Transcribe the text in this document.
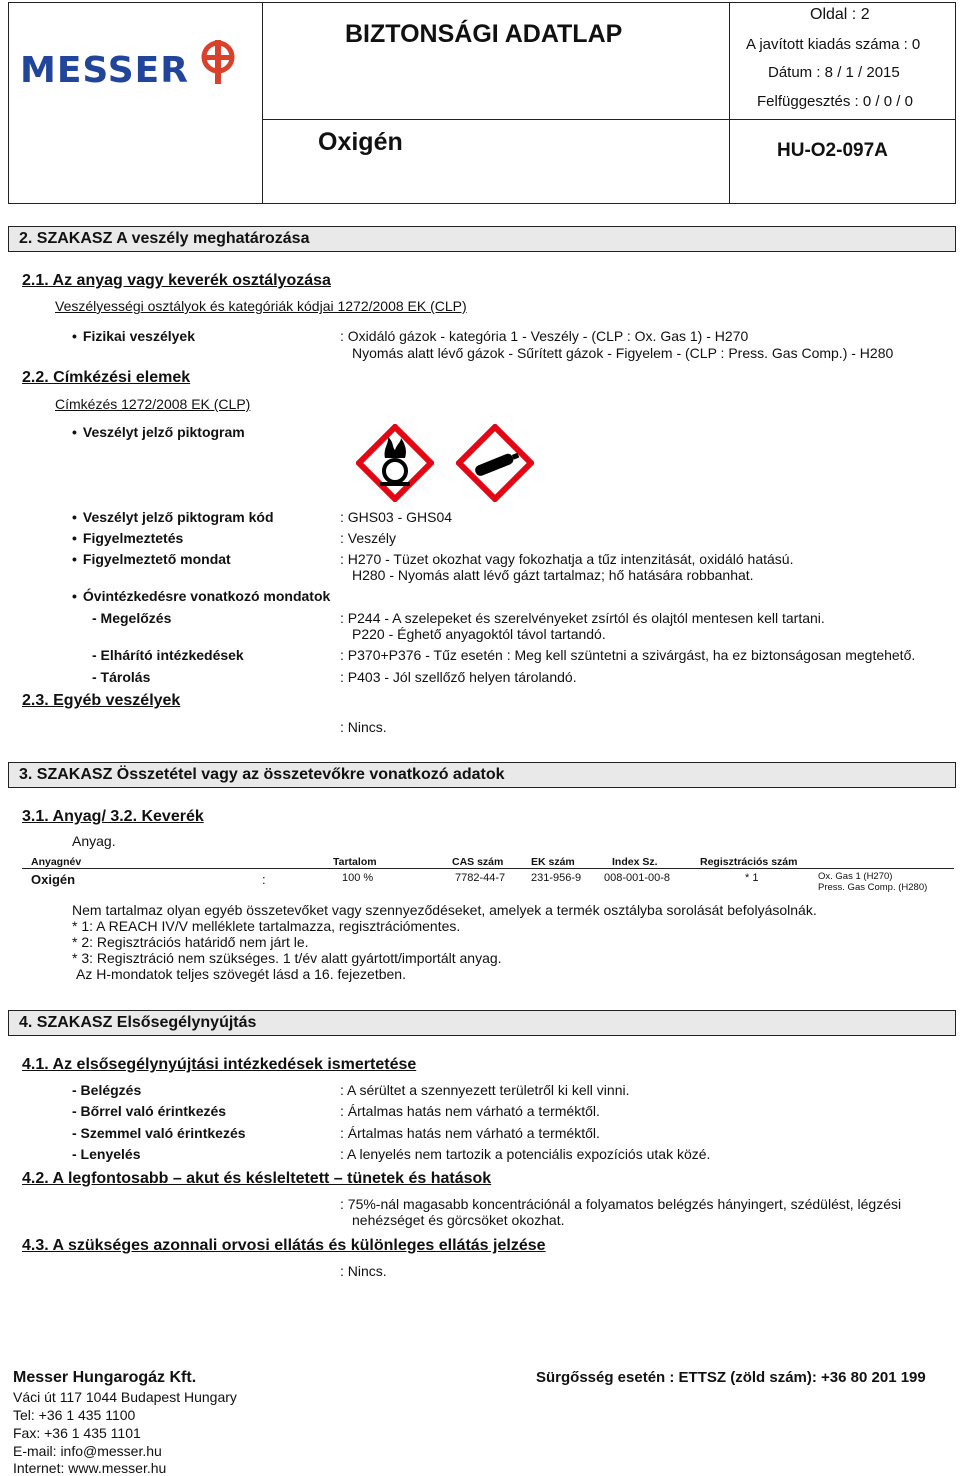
MESSER
BIZTONSÁGI ADATLAP
Oxigén
Oldal : 2
A javított kiadás száma : 0
Dátum : 8 / 1 / 2015
Felfüggesztés : 0 / 0 / 0
HU-O2-097A
2. SZAKASZ A veszély meghatározása
2.1. Az anyag vagy keverék osztályozása
Veszélyességi osztályok és kategóriák kódjai 1272/2008 EK (CLP)
• Fizikai veszélyek	: Oxidáló gázok - kategória 1 - Veszély - (CLP : Ox. Gas 1) - H270
Nyomás alatt lévő gázok - Sűrített gázok - Figyelem - (CLP : Press. Gas Comp.) - H280
2.2. Címkézési elemek
Címkézés 1272/2008 EK (CLP)
• Veszélyt jelző piktogram
• Veszélyt jelző piktogram kód	: GHS03 - GHS04
• Figyelmeztetés	: Veszély
• Figyelmeztető mondat	: H270 - Tüzet okozhat vagy fokozhatja a tűz intenzitását, oxidáló hatású.
H280 - Nyomás alatt lévő gázt tartalmaz; hő hatására robbanhat.
• Óvintézkedésre vonatkozó mondatok
- Megelőzés	: P244 - A szelepeket és szerelvényeket zsírtól és olajtól mentesen kell tartani.
P220 - Éghető anyagoktól távol tartandó.
- Elhárító intézkedések	: P370+P376 - Tűz esetén : Meg kell szüntetni a szivárgást, ha ez biztonságosan megtehető.
- Tárolás	: P403 - Jól szellőző helyen tárolandó.
2.3. Egyéb veszélyek
: Nincs.
3. SZAKASZ Összetétel vagy az összetevőkre vonatkozó adatok
3.1. Anyag/ 3.2. Keverék
Anyag.
Anyagnév	Tartalom	CAS szám	EK szám	Index Sz.	Regisztrációs szám
Oxigén	:	100 %	7782-44-7 231-956-9 008-001-00-8	* 1	Ox. Gas 1 (H270)
Press. Gas Comp. (H280)
Nem tartalmaz olyan egyéb összetevőket vagy szennyeződéseket, amelyek a termék osztályba sorolását befolyásolnák.
* 1: A REACH IV/V melléklete tartalmazza, regisztrációmentes.
* 2: Regisztrációs határidő nem járt le.
* 3: Regisztráció nem szükséges. 1 t/év alatt gyártott/importált anyag.
Az H-mondatok teljes szövegét lásd a 16. fejezetben.
4. SZAKASZ Elsősegélynyújtás
4.1. Az elsősegélynyújtási intézkedések ismertetése
- Belégzés	: A sérültet a szennyezett területről ki kell vinni.
- Bőrrel való érintkezés	: Ártalmas hatás nem várható a terméktől.
- Szemmel való érintkezés	: Ártalmas hatás nem várható a terméktől.
- Lenyelés	: A lenyelés nem tartozik a potenciális expozíciós utak közé.
4.2. A legfontosabb – akut és késleltetett – tünetek és hatások
: 75%-nál magasabb koncentrációnál a folyamatos belégzés hányingert, szédülést, légzési
nehézséget és görcsöket okozhat.
4.3. A szükséges azonnali orvosi ellátás és különleges ellátás jelzése
: Nincs.
Messer Hungarogáz Kft.
Váci út 117 1044 Budapest Hungary
Tel: +36 1 435 1100
Fax: +36 1 435 1101
E-mail: info@messer.hu
Internet: www.messer.hu
Sürgősség esetén : ETTSZ (zöld szám): +36 80 201 199
